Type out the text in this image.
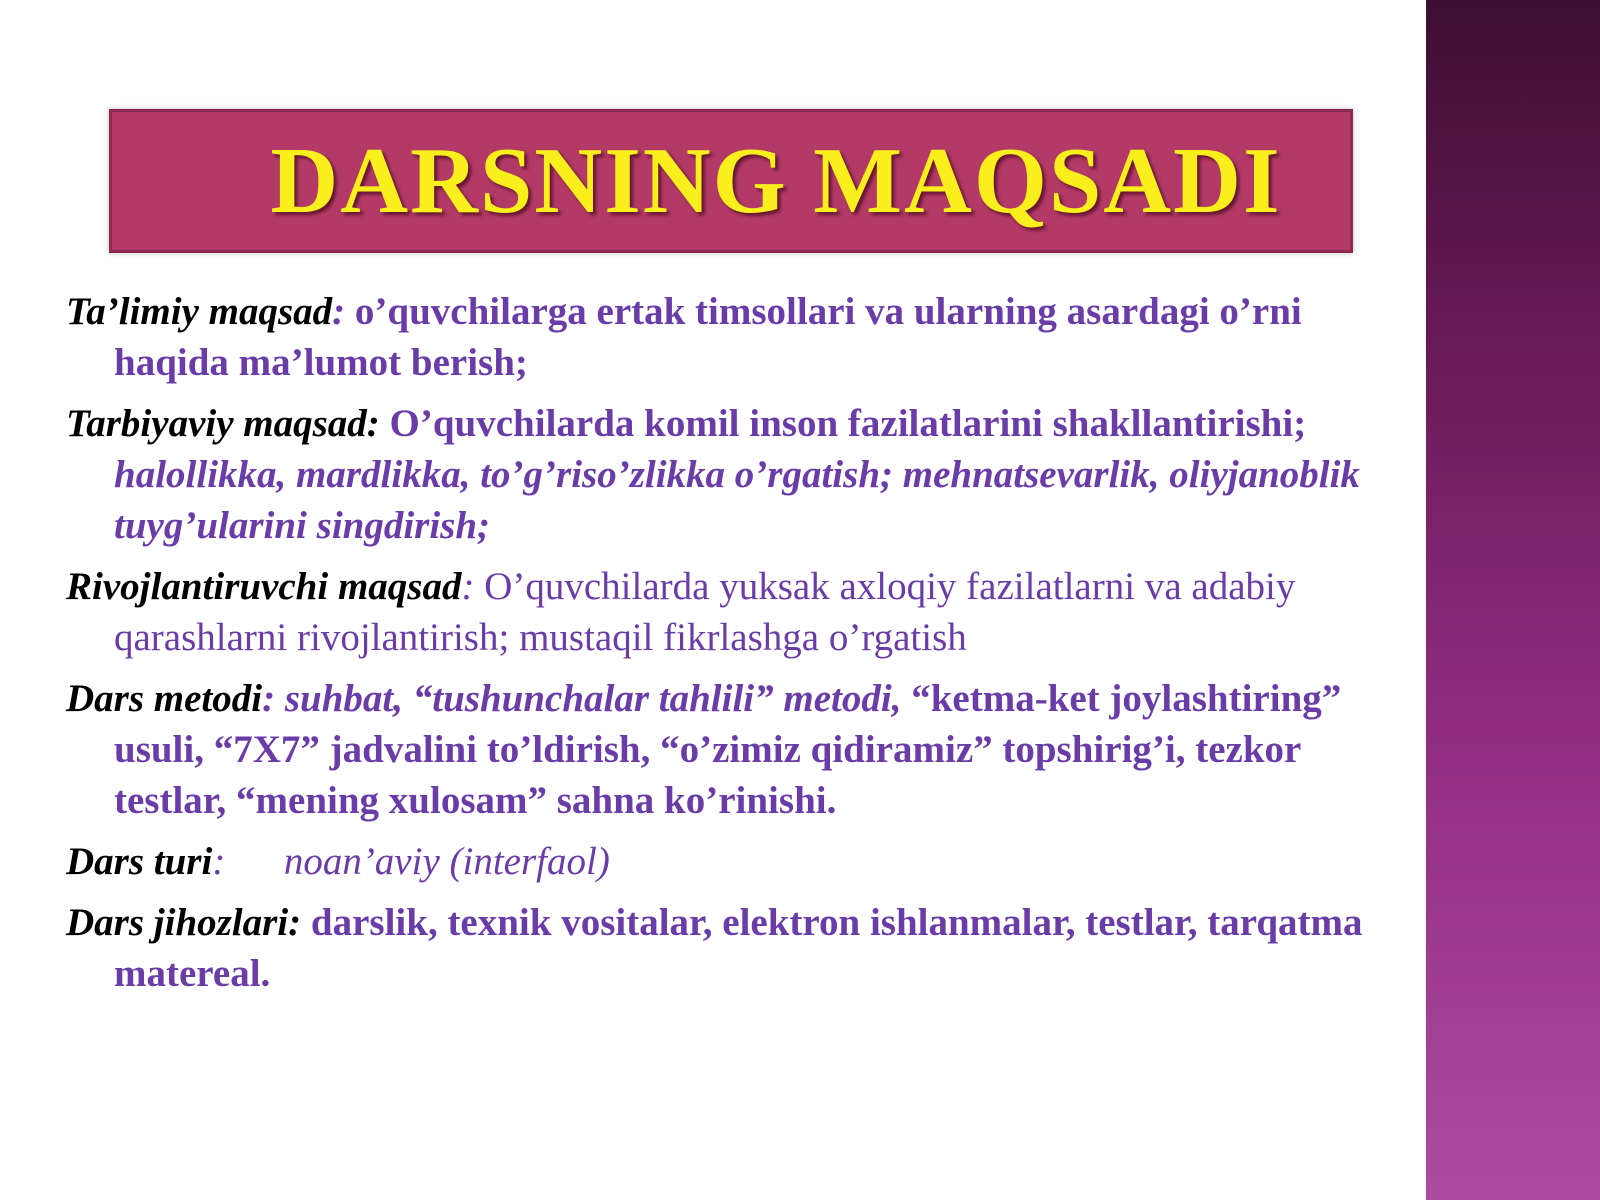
DARSNING MAQSADI

Ta’limiy maqsad: o’quvchilarga ertak timsollari va ularning asardagi o’rni haqida ma’lumot berish;

Tarbiyaviy maqsad: O’quvchilarda komil inson fazilatlarini shakllantirishi; halollikka, mardlikka, to’g’riso’zlikka o’rgatish; mehnatsevarlik, oliyjanoblik tuyg’ularini singdirish;

Rivojlantiruvchi maqsad: O’quvchilarda yuksak axloqiy fazilatlarni va adabiy qarashlarni rivojlantirish; mustaqil fikrlashga o’rgatish

Dars metodi: suhbat, “tushunchalar tahlili” metodi, “ketma-ket joylashtiring” usuli, “7X7” jadvalini to’ldirish, “o’zimiz qidiramiz” topshirig’i, tezkor testlar, “mening xulosam” sahna ko’rinishi.

Dars turi:      noan’aviy (interfaol)

Dars jihozlari: darslik, texnik vositalar, elektron ishlanmalar, testlar, tarqatma matereal.
